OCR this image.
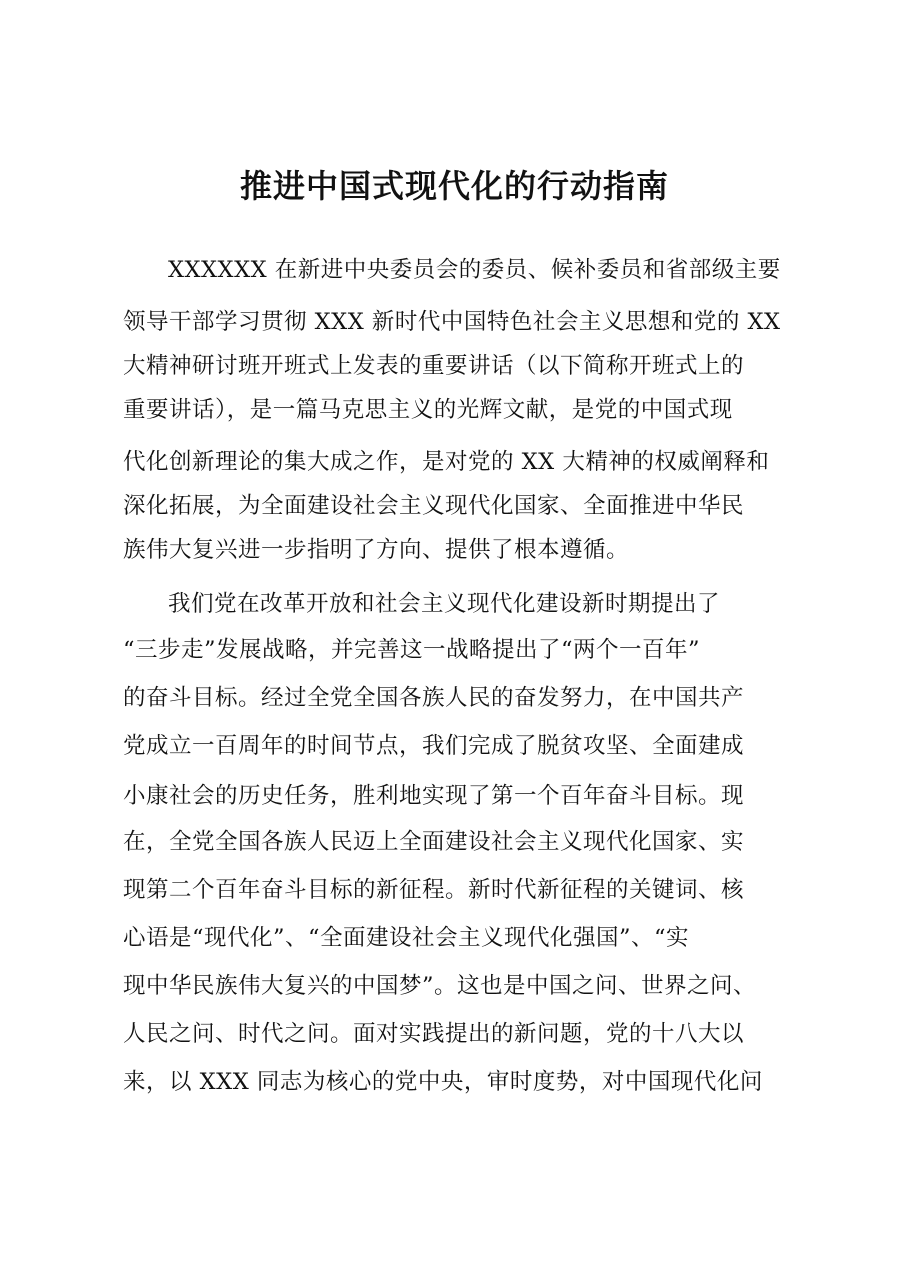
推进中国式现代化的行动指南

XXXXXX 在新进中央委员会的委员、候补委员和省部级主要

领导干部学习贯彻 XXX 新时代中国特色社会主义思想和党的 XX

大精神研讨班开班式上发表的重要讲话（以下简称开班式上的

重要讲话），是一篇马克思主义的光辉文献，是党的中国式现

代化创新理论的集大成之作，是对党的 XX 大精神的权威阐释和

深化拓展，为全面建设社会主义现代化国家、全面推进中华民

族伟大复兴进一步指明了方向、提供了根本遵循。

我们党在改革开放和社会主义现代化建设新时期提出了

“三步走”发展战略，并完善这一战略提出了“两个一百年”

的奋斗目标。经过全党全国各族人民的奋发努力，在中国共产

党成立一百周年的时间节点，我们完成了脱贫攻坚、全面建成

小康社会的历史任务，胜利地实现了第一个百年奋斗目标。现

在，全党全国各族人民迈上全面建设社会主义现代化国家、实

现第二个百年奋斗目标的新征程。新时代新征程的关键词、核

心语是“现代化”、“全面建设社会主义现代化强国”、“实

现中华民族伟大复兴的中国梦”。这也是中国之问、世界之问、

人民之问、时代之问。面对实践提出的新问题，党的十八大以

来，以 XXX 同志为核心的党中央，审时度势，对中国现代化问
